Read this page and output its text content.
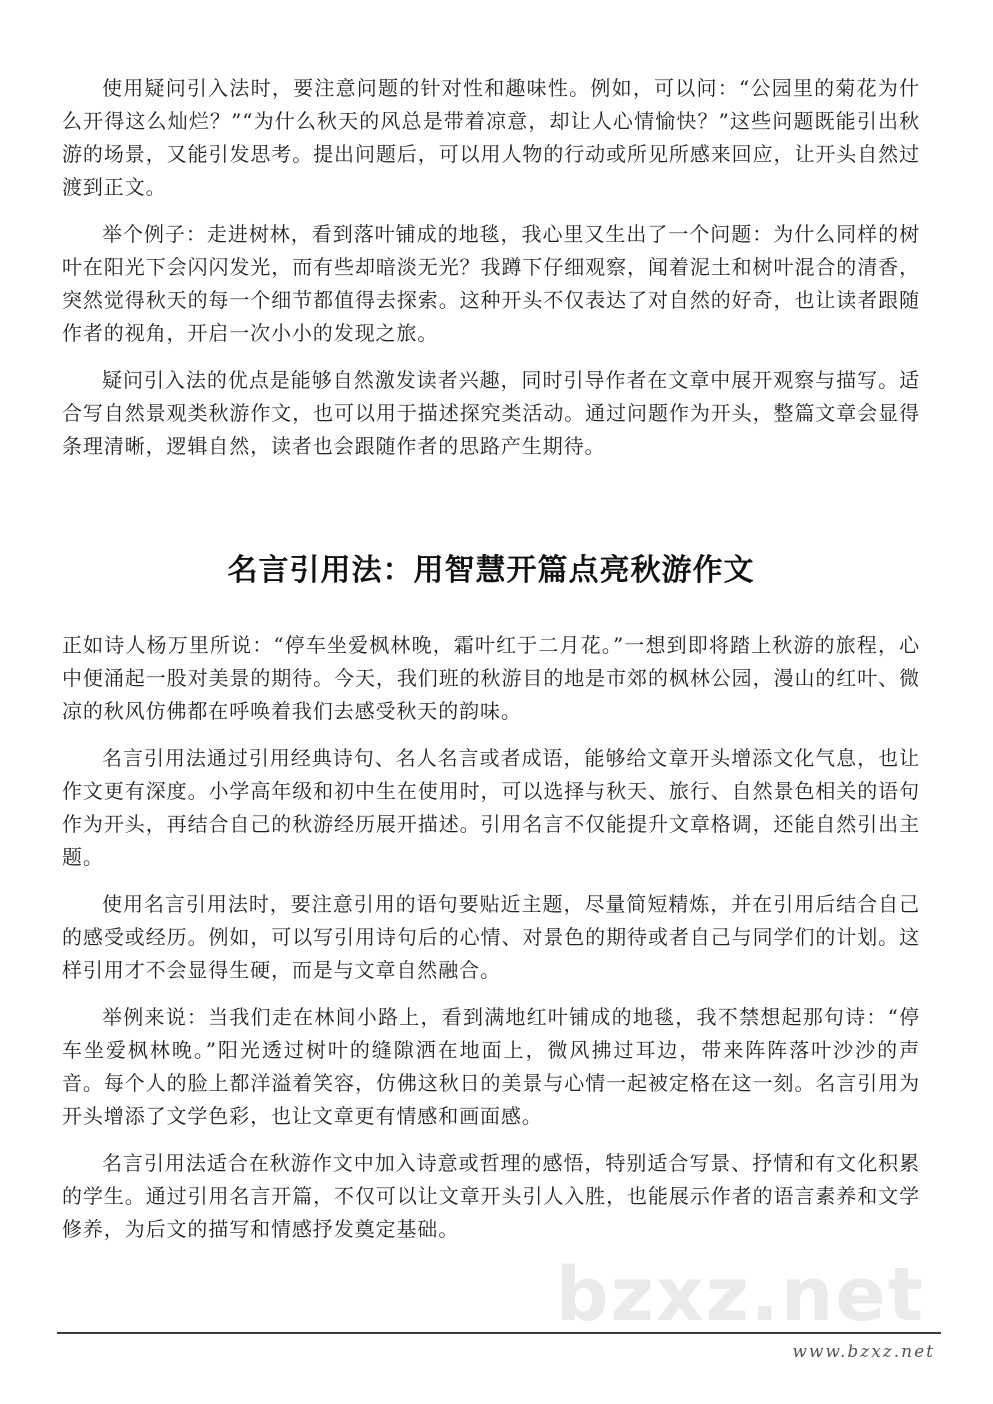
使用疑问引入法时，要注意问题的针对性和趣味性。例如，可以问：“公园里的菊花为什么开得这么灿烂？”“为什么秋天的风总是带着凉意，却让人心情愉快？”这些问题既能引出秋游的场景，又能引发思考。提出问题后，可以用人物的行动或所见所感来回应，让开头自然过渡到正文。

举个例子：走进树林，看到落叶铺成的地毯，我心里又生出了一个问题：为什么同样的树叶在阳光下会闪闪发光，而有些却暗淡无光？我蹲下仔细观察，闻着泥土和树叶混合的清香，突然觉得秋天的每一个细节都值得去探索。这种开头不仅表达了对自然的好奇，也让读者跟随作者的视角，开启一次小小的发现之旅。

疑问引入法的优点是能够自然激发读者兴趣，同时引导作者在文章中展开观察与描写。适合写自然景观类秋游作文，也可以用于描述探究类活动。通过问题作为开头，整篇文章会显得条理清晰，逻辑自然，读者也会跟随作者的思路产生期待。

名言引用法：用智慧开篇点亮秋游作文

正如诗人杨万里所说：“停车坐爱枫林晚，霜叶红于二月花。”一想到即将踏上秋游的旅程，心中便涌起一股对美景的期待。今天，我们班的秋游目的地是市郊的枫林公园，漫山的红叶、微凉的秋风仿佛都在呼唤着我们去感受秋天的韵味。

名言引用法通过引用经典诗句、名人名言或者成语，能够给文章开头增添文化气息，也让作文更有深度。小学高年级和初中生在使用时，可以选择与秋天、旅行、自然景色相关的语句作为开头，再结合自己的秋游经历展开描述。引用名言不仅能提升文章格调，还能自然引出主题。

使用名言引用法时，要注意引用的语句要贴近主题，尽量简短精炼，并在引用后结合自己的感受或经历。例如，可以写引用诗句后的心情、对景色的期待或者自己与同学们的计划。这样引用才不会显得生硬，而是与文章自然融合。

举例来说：当我们走在林间小路上，看到满地红叶铺成的地毯，我不禁想起那句诗：“停车坐爱枫林晚。”阳光透过树叶的缝隙洒在地面上，微风拂过耳边，带来阵阵落叶沙沙的声音。每个人的脸上都洋溢着笑容，仿佛这秋日的美景与心情一起被定格在这一刻。名言引用为开头增添了文学色彩，也让文章更有情感和画面感。

名言引用法适合在秋游作文中加入诗意或哲理的感悟，特别适合写景、抒情和有文化积累的学生。通过引用名言开篇，不仅可以让文章开头引人入胜，也能展示作者的语言素养和文学修养，为后文的描写和情感抒发奠定基础。

bzxz.net
www.bzxz.net
